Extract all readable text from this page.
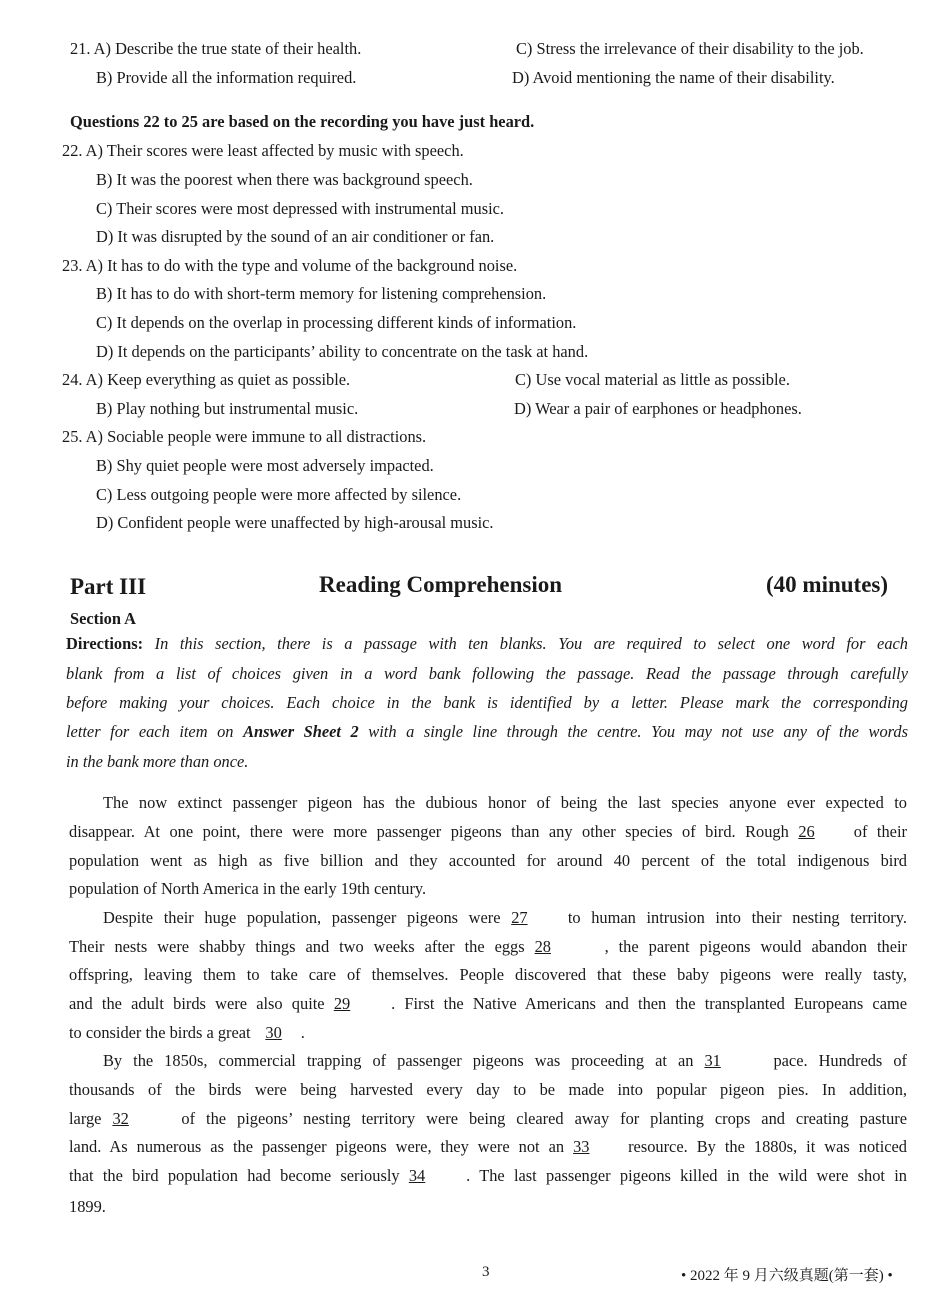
21. A) Describe the true state of their health.	C) Stress the irrelevance of their disability to the job.
B) Provide all the information required.	D) Avoid mentioning the name of their disability.
Questions 22 to 25 are based on the recording you have just heard.
22. A) Their scores were least affected by music with speech.
B) It was the poorest when there was background speech.
C) Their scores were most depressed with instrumental music.
D) It was disrupted by the sound of an air conditioner or fan.
23. A) It has to do with the type and volume of the background noise.
B) It has to do with short-term memory for listening comprehension.
C) It depends on the overlap in processing different kinds of information.
D) It depends on the participants’ ability to concentrate on the task at hand.
24. A) Keep everything as quiet as possible.	C) Use vocal material as little as possible.
B) Play nothing but instrumental music.	D) Wear a pair of earphones or headphones.
25. A) Sociable people were immune to all distractions.
B) Shy quiet people were most adversely impacted.
C) Less outgoing people were more affected by silence.
D) Confident people were unaffected by high-arousal music.
Part III	Reading Comprehension	(40 minutes)
Section A
Directions: In this section, there is a passage with ten blanks. You are required to select one word for each
blank from a list of choices given in a word bank following the passage. Read the passage through carefully
before making your choices. Each choice in the bank is identified by a letter. Please mark the corresponding
letter for each item on Answer Sheet 2 with a single line through the centre. You may not use any of the words
in the bank more than once.
The now extinct passenger pigeon has the dubious honor of being the last species anyone ever expected to
disappear. At one point, there were more passenger pigeons than any other species of bird. Rough 26 of their
population went as high as five billion and they accounted for around 40 percent of the total indigenous bird
population of North America in the early 19th century.
Despite their huge population, passenger pigeons were 27 to human intrusion into their nesting territory.
Their nests were shabby things and two weeks after the eggs 28	, the parent pigeons would abandon their
offspring, leaving them to take care of themselves. People discovered that these baby pigeons were really tasty,
and the adult birds were also quite 29 . First the Native Americans and then the transplanted Europeans came
to consider the birds a great 30 .
By the 1850s, commercial trapping of passenger pigeons was proceeding at an 31	pace. Hundreds of
thousands of the birds were being harvested every day to be made into popular pigeon pies. In addition,
large 32	of the pigeons’ nesting territory were being cleared away for planting crops and creating pasture
land. As numerous as the passenger pigeons were, they were not an 33 resource. By the 1880s, it was noticed
that the bird population had become seriously 34 . The last passenger pigeons killed in the wild were shot in
1899.
3	• 2022 年 9 月六级真题(第一套) •
